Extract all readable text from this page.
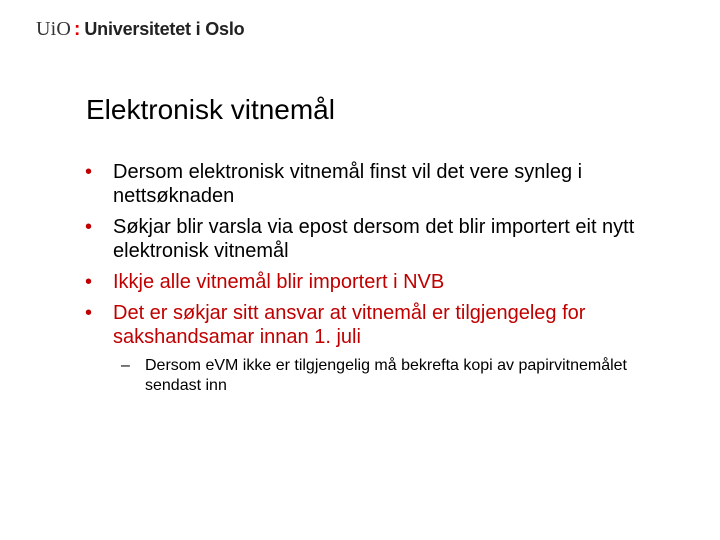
UiO : Universitetet i Oslo
Elektronisk vitnemål
• Dersom elektronisk vitnemål finst vil det vere synleg i nettsøknaden
• Søkjar blir varsla via epost dersom det blir importert eit nytt elektronisk vitnemål
• Ikkje alle vitnemål blir importert i NVB
• Det er søkjar sitt ansvar at vitnemål er tilgjengeleg for sakshandsamar innan 1. juli
– Dersom eVM ikke er tilgjengelig må bekrefta kopi av papirvitnemålet sendast inn
